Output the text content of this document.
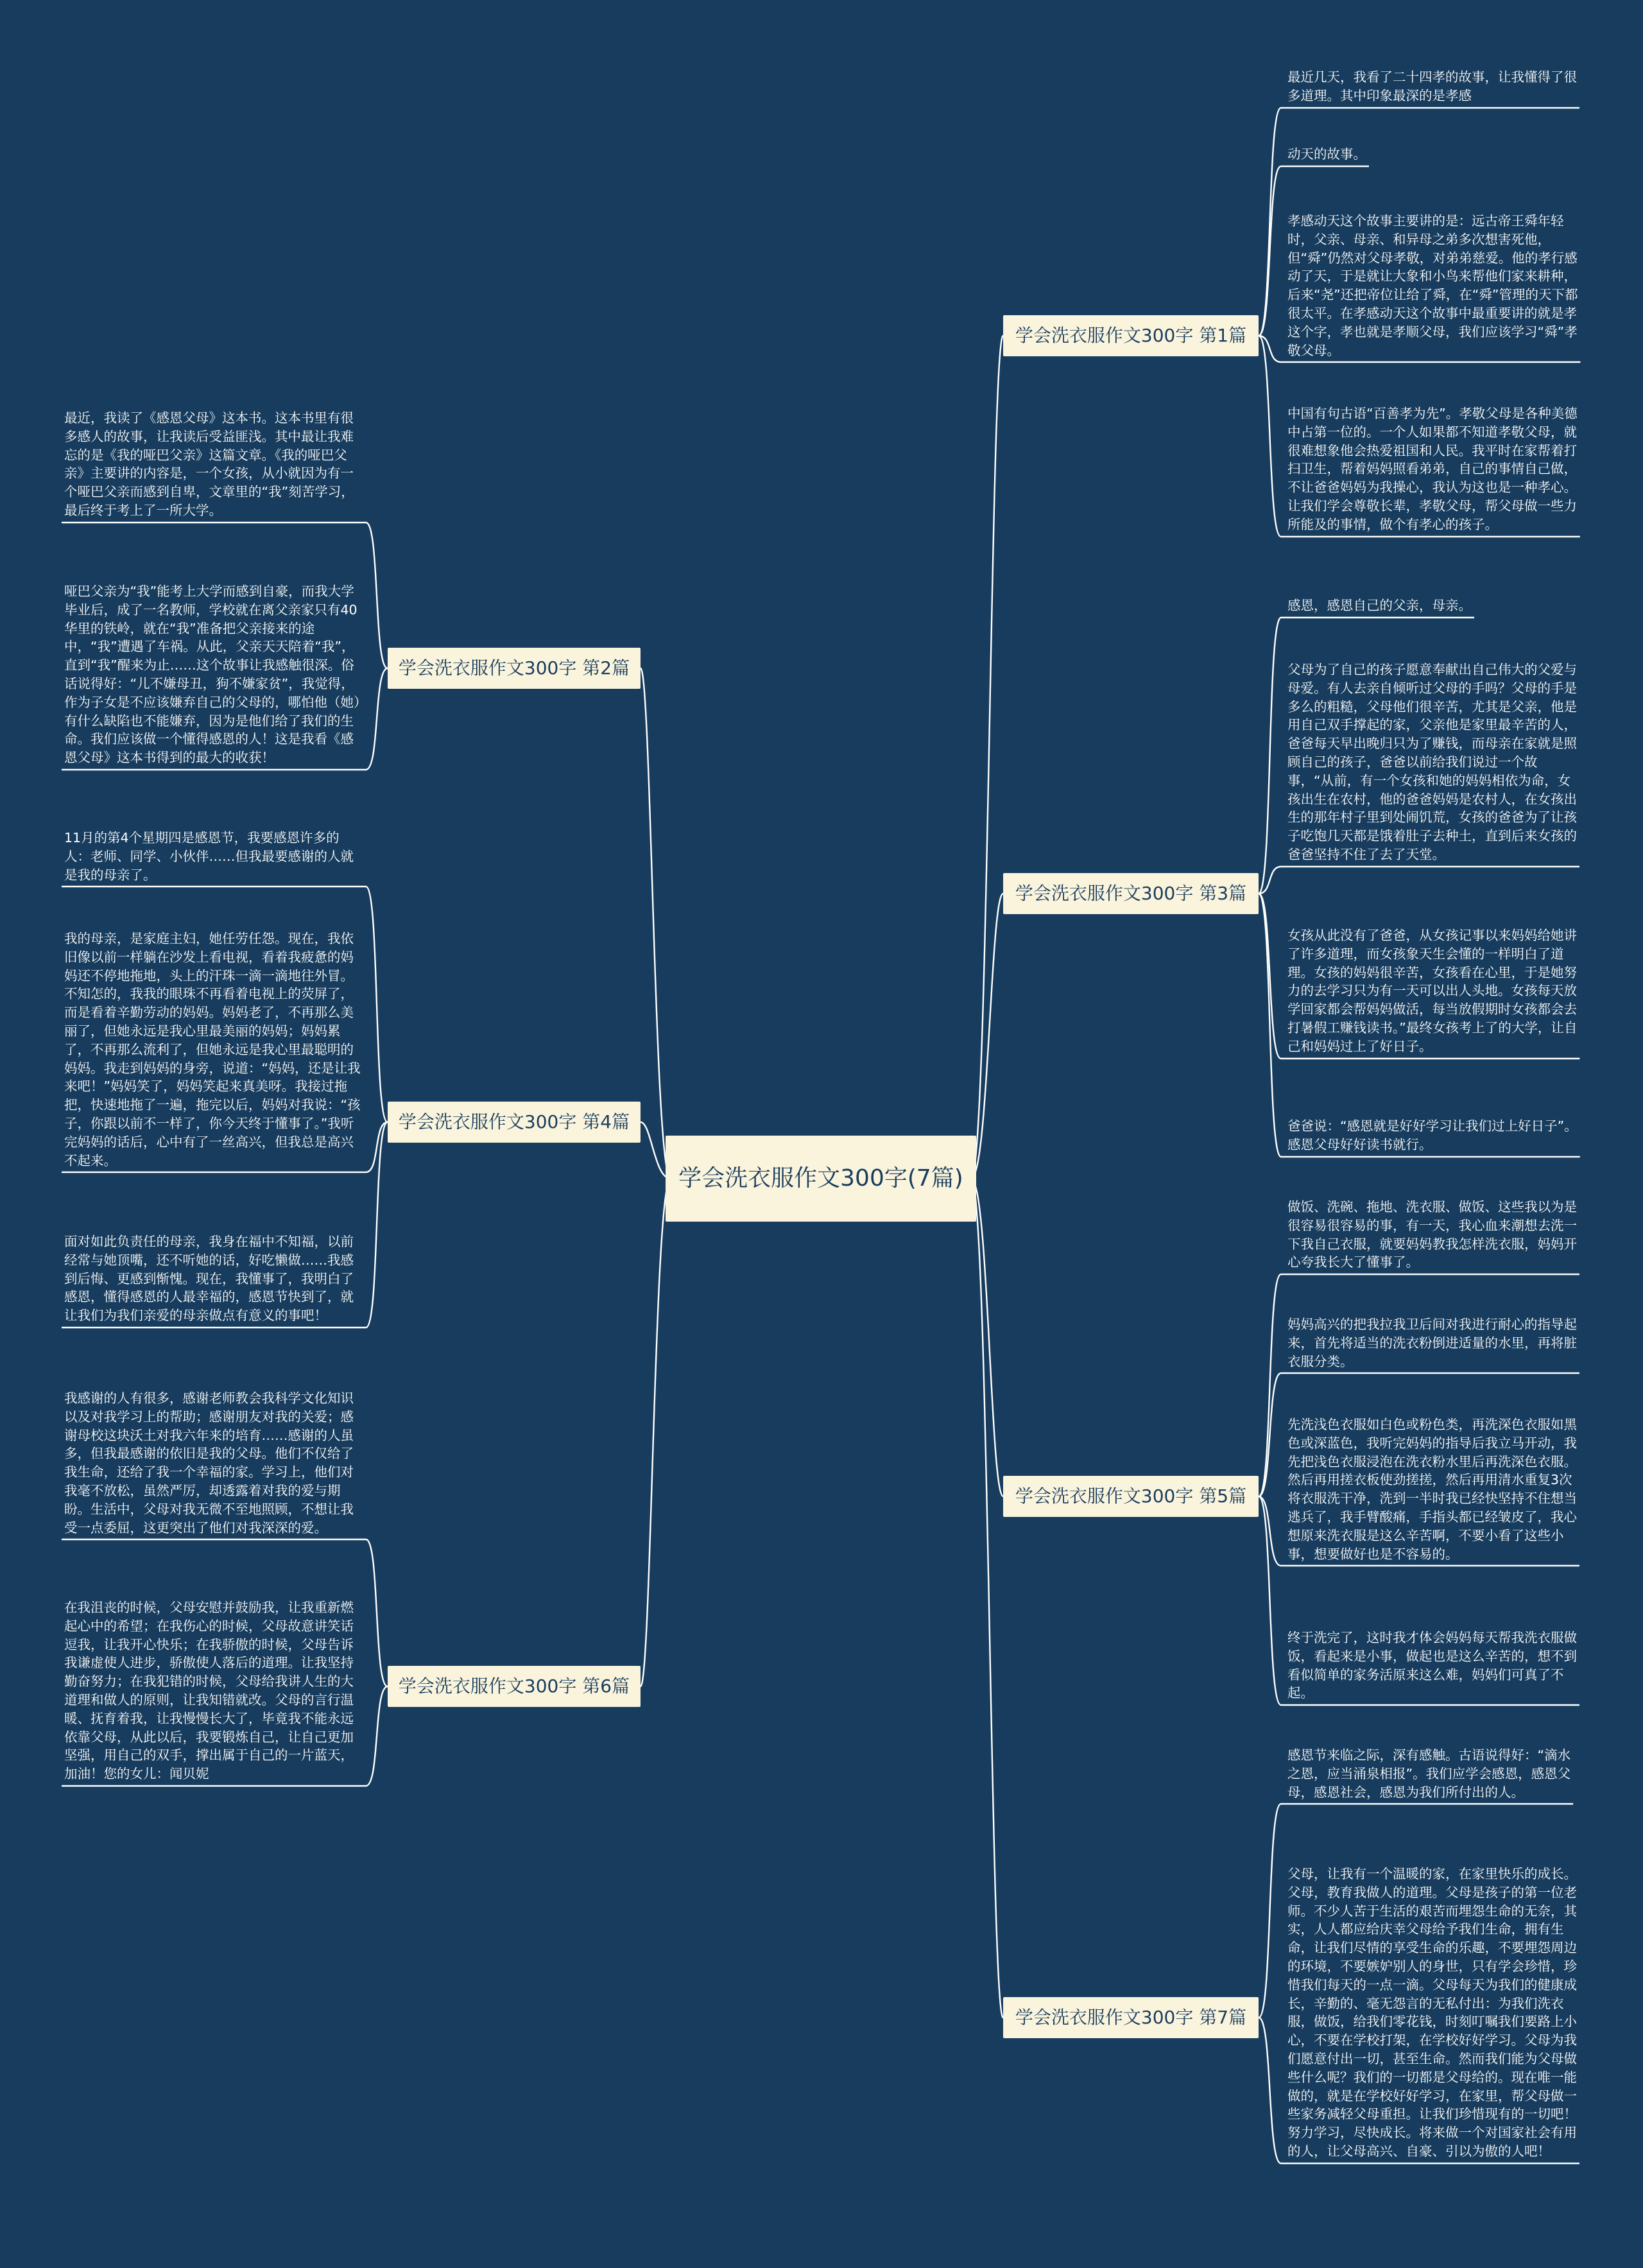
学会洗衣服作文300字(7篇)
学会洗衣服作文300字 第1篇
最近几天，我看了二十四孝的故事，让我懂得了很多道理。其中印象最深的是孝感
动天的故事。
孝感动天这个故事主要讲的是：远古帝王舜年轻时，父亲、母亲、和异母之弟多次想害死他，但“舜”仍然对父母孝敬，对弟弟慈爱。他的孝行感动了天，于是就让大象和小鸟来帮他们家来耕种，后来“尧”还把帝位让给了舜，在“舜”管理的天下都很太平。在孝感动天这个故事中最重要讲的就是孝这个字，孝也就是孝顺父母，我们应该学习“舜”孝敬父母。
中国有句古语“百善孝为先”。孝敬父母是各种美德中占第一位的。一个人如果都不知道孝敬父母，就很难想象他会热爱祖国和人民。我平时在家帮着打扫卫生，帮着妈妈照看弟弟，自己的事情自己做，不让爸爸妈妈为我操心，我认为这也是一种孝心。让我们学会尊敬长辈，孝敬父母，帮父母做一些力所能及的事情，做个有孝心的孩子。
学会洗衣服作文300字 第2篇
最近，我读了《感恩父母》这本书。这本书里有很多感人的故事，让我读后受益匪浅。其中最让我难忘的是《我的哑巴父亲》这篇文章。《我的哑巴父亲》主要讲的内容是，一个女孩，从小就因为有一个哑巴父亲而感到自卑，文章里的“我”刻苦学习，最后终于考上了一所大学。
哑巴父亲为“我”能考上大学而感到自豪，而我大学毕业后，成了一名教师，学校就在离父亲家只有40华里的铁岭，就在“我”准备把父亲接来的途中，“我”遭遇了车祸。从此，父亲天天陪着“我”，直到“我”醒来为止……这个故事让我感触很深。俗话说得好：“儿不嫌母丑，狗不嫌家贫”，我觉得，作为子女是不应该嫌弃自己的父母的，哪怕他（她）有什么缺陷也不能嫌弃，因为是他们给了我们的生命。我们应该做一个懂得感恩的人！这是我看《感恩父母》这本书得到的最大的收获！
学会洗衣服作文300字 第3篇
感恩，感恩自己的父亲，母亲。
父母为了自己的孩子愿意奉献出自己伟大的父爱与母爱。有人去亲自倾听过父母的手吗？父母的手是多么的粗糙，父母他们很辛苦，尤其是父亲，他是用自己双手撑起的家，父亲他是家里最辛苦的人，爸爸每天早出晚归只为了赚钱，而母亲在家就是照顾自己的孩子，爸爸以前给我们说过一个故事，“从前，有一个女孩和她的妈妈相依为命，女孩出生在农村，他的爸爸妈妈是农村人，在女孩出生的那年村子里到处闹饥荒，女孩的爸爸为了让孩子吃饱几天都是饿着肚子去种土，直到后来女孩的爸爸坚持不住了去了天堂。
女孩从此没有了爸爸，从女孩记事以来妈妈给她讲了许多道理，而女孩象天生会懂的一样明白了道理。女孩的妈妈很辛苦，女孩看在心里，于是她努力的去学习只为有一天可以出人头地。女孩每天放学回家都会帮妈妈做活，每当放假期时女孩都会去打暑假工赚钱读书。”最终女孩考上了的大学，让自己和妈妈过上了好日子。
爸爸说：“感恩就是好好学习让我们过上好日子”。感恩父母好好读书就行。
学会洗衣服作文300字 第4篇
11月的第4个星期四是感恩节，我要感恩许多的人：老师、同学、小伙伴……但我最要感谢的人就是我的母亲了。
我的母亲，是家庭主妇，她任劳任怨。现在，我依旧像以前一样躺在沙发上看电视，看着我疲惫的妈妈还不停地拖地，头上的汗珠一滴一滴地往外冒。不知怎的，我我的眼珠不再看着电视上的荧屏了，而是看着辛勤劳动的妈妈。妈妈老了，不再那么美丽了，但她永远是我心里最美丽的妈妈；妈妈累了，不再那么流利了，但她永远是我心里最聪明的妈妈。我走到妈妈的身旁，说道：“妈妈，还是让我来吧！”妈妈笑了，妈妈笑起来真美呀。我接过拖把，快速地拖了一遍，拖完以后，妈妈对我说：“孩子，你跟以前不一样了，你今天终于懂事了。”我听完妈妈的话后，心中有了一丝高兴，但我总是高兴不起来。
面对如此负责任的母亲，我身在福中不知福，以前经常与她顶嘴，还不听她的话，好吃懒做……我感到后悔、更感到惭愧。现在，我懂事了，我明白了感恩，懂得感恩的人最幸福的，感恩节快到了，就让我们为我们亲爱的母亲做点有意义的事吧！
学会洗衣服作文300字 第5篇
做饭、洗碗、拖地、洗衣服、做饭、这些我以为是很容易很容易的事，有一天，我心血来潮想去洗一下我自己衣服，就要妈妈教我怎样洗衣服，妈妈开心夸我长大了懂事了。
妈妈高兴的把我拉我卫后间对我进行耐心的指导起来，首先将适当的洗衣粉倒进适量的水里，再将脏衣服分类。
先洗浅色衣服如白色或粉色类，再洗深色衣服如黑色或深蓝色，我听完妈妈的指导后我立马开动，我先把浅色衣服浸泡在洗衣粉水里后再洗深色衣服。然后再用搓衣板使劲搓搓，然后再用清水重复3次将衣服洗干净，洗到一半时我已经快坚持不住想当逃兵了，我手臂酸痛，手指头都已经皱皮了，我心想原来洗衣服是这么辛苦啊，不要小看了这些小事，想要做好也是不容易的。
终于洗完了，这时我才体会妈妈每天帮我洗衣服做饭，看起来是小事，做起也是这么辛苦的，想不到看似简单的家务活原来这么难，妈妈们可真了不起。
学会洗衣服作文300字 第6篇
我感谢的人有很多，感谢老师教会我科学文化知识以及对我学习上的帮助；感谢朋友对我的关爱；感谢母校这块沃土对我六年来的培育……感谢的人虽多，但我最感谢的依旧是我的父母。他们不仅给了我生命，还给了我一个幸福的家。学习上，他们对我毫不放松，虽然严厉，却透露着对我的爱与期盼。生活中，父母对我无微不至地照顾，不想让我受一点委屈，这更突出了他们对我深深的爱。
在我沮丧的时候，父母安慰并鼓励我，让我重新燃起心中的希望；在我伤心的时候，父母故意讲笑话逗我，让我开心快乐；在我骄傲的时候，父母告诉我谦虚使人进步，骄傲使人落后的道理。让我坚持勤奋努力；在我犯错的时候，父母给我讲人生的大道理和做人的原则，让我知错就改。父母的言行温暖、抚育着我，让我慢慢长大了，毕竟我不能永远依靠父母，从此以后，我要锻炼自己，让自己更加坚强，用自己的双手，撑出属于自己的一片蓝天，加油！您的女儿：闻贝妮
学会洗衣服作文300字 第7篇
感恩节来临之际，深有感触。古语说得好：“滴水之恩，应当涌泉相报”。我们应学会感恩，感恩父母，感恩社会，感恩为我们所付出的人。
父母，让我有一个温暖的家，在家里快乐的成长。父母，教育我做人的道理。父母是孩子的第一位老师。不少人苦于生活的艰苦而埋怨生命的无奈，其实，人人都应给庆幸父母给予我们生命，拥有生命，让我们尽情的享受生命的乐趣，不要埋怨周边的环境，不要嫉妒别人的身世，只有学会珍惜，珍惜我们每天的一点一滴。父母每天为我们的健康成长，辛勤的、毫无怨言的无私付出：为我们洗衣服，做饭，给我们零花钱，时刻叮嘱我们要路上小心，不要在学校打架，在学校好好学习。父母为我们愿意付出一切，甚至生命。然而我们能为父母做些什么呢？我们的一切都是父母给的。现在唯一能做的，就是在学校好好学习，在家里，帮父母做一些家务减轻父母重担。让我们珍惜现有的一切吧！努力学习，尽快成长。将来做一个对国家社会有用的人，让父母高兴、自豪、引以为傲的人吧！
